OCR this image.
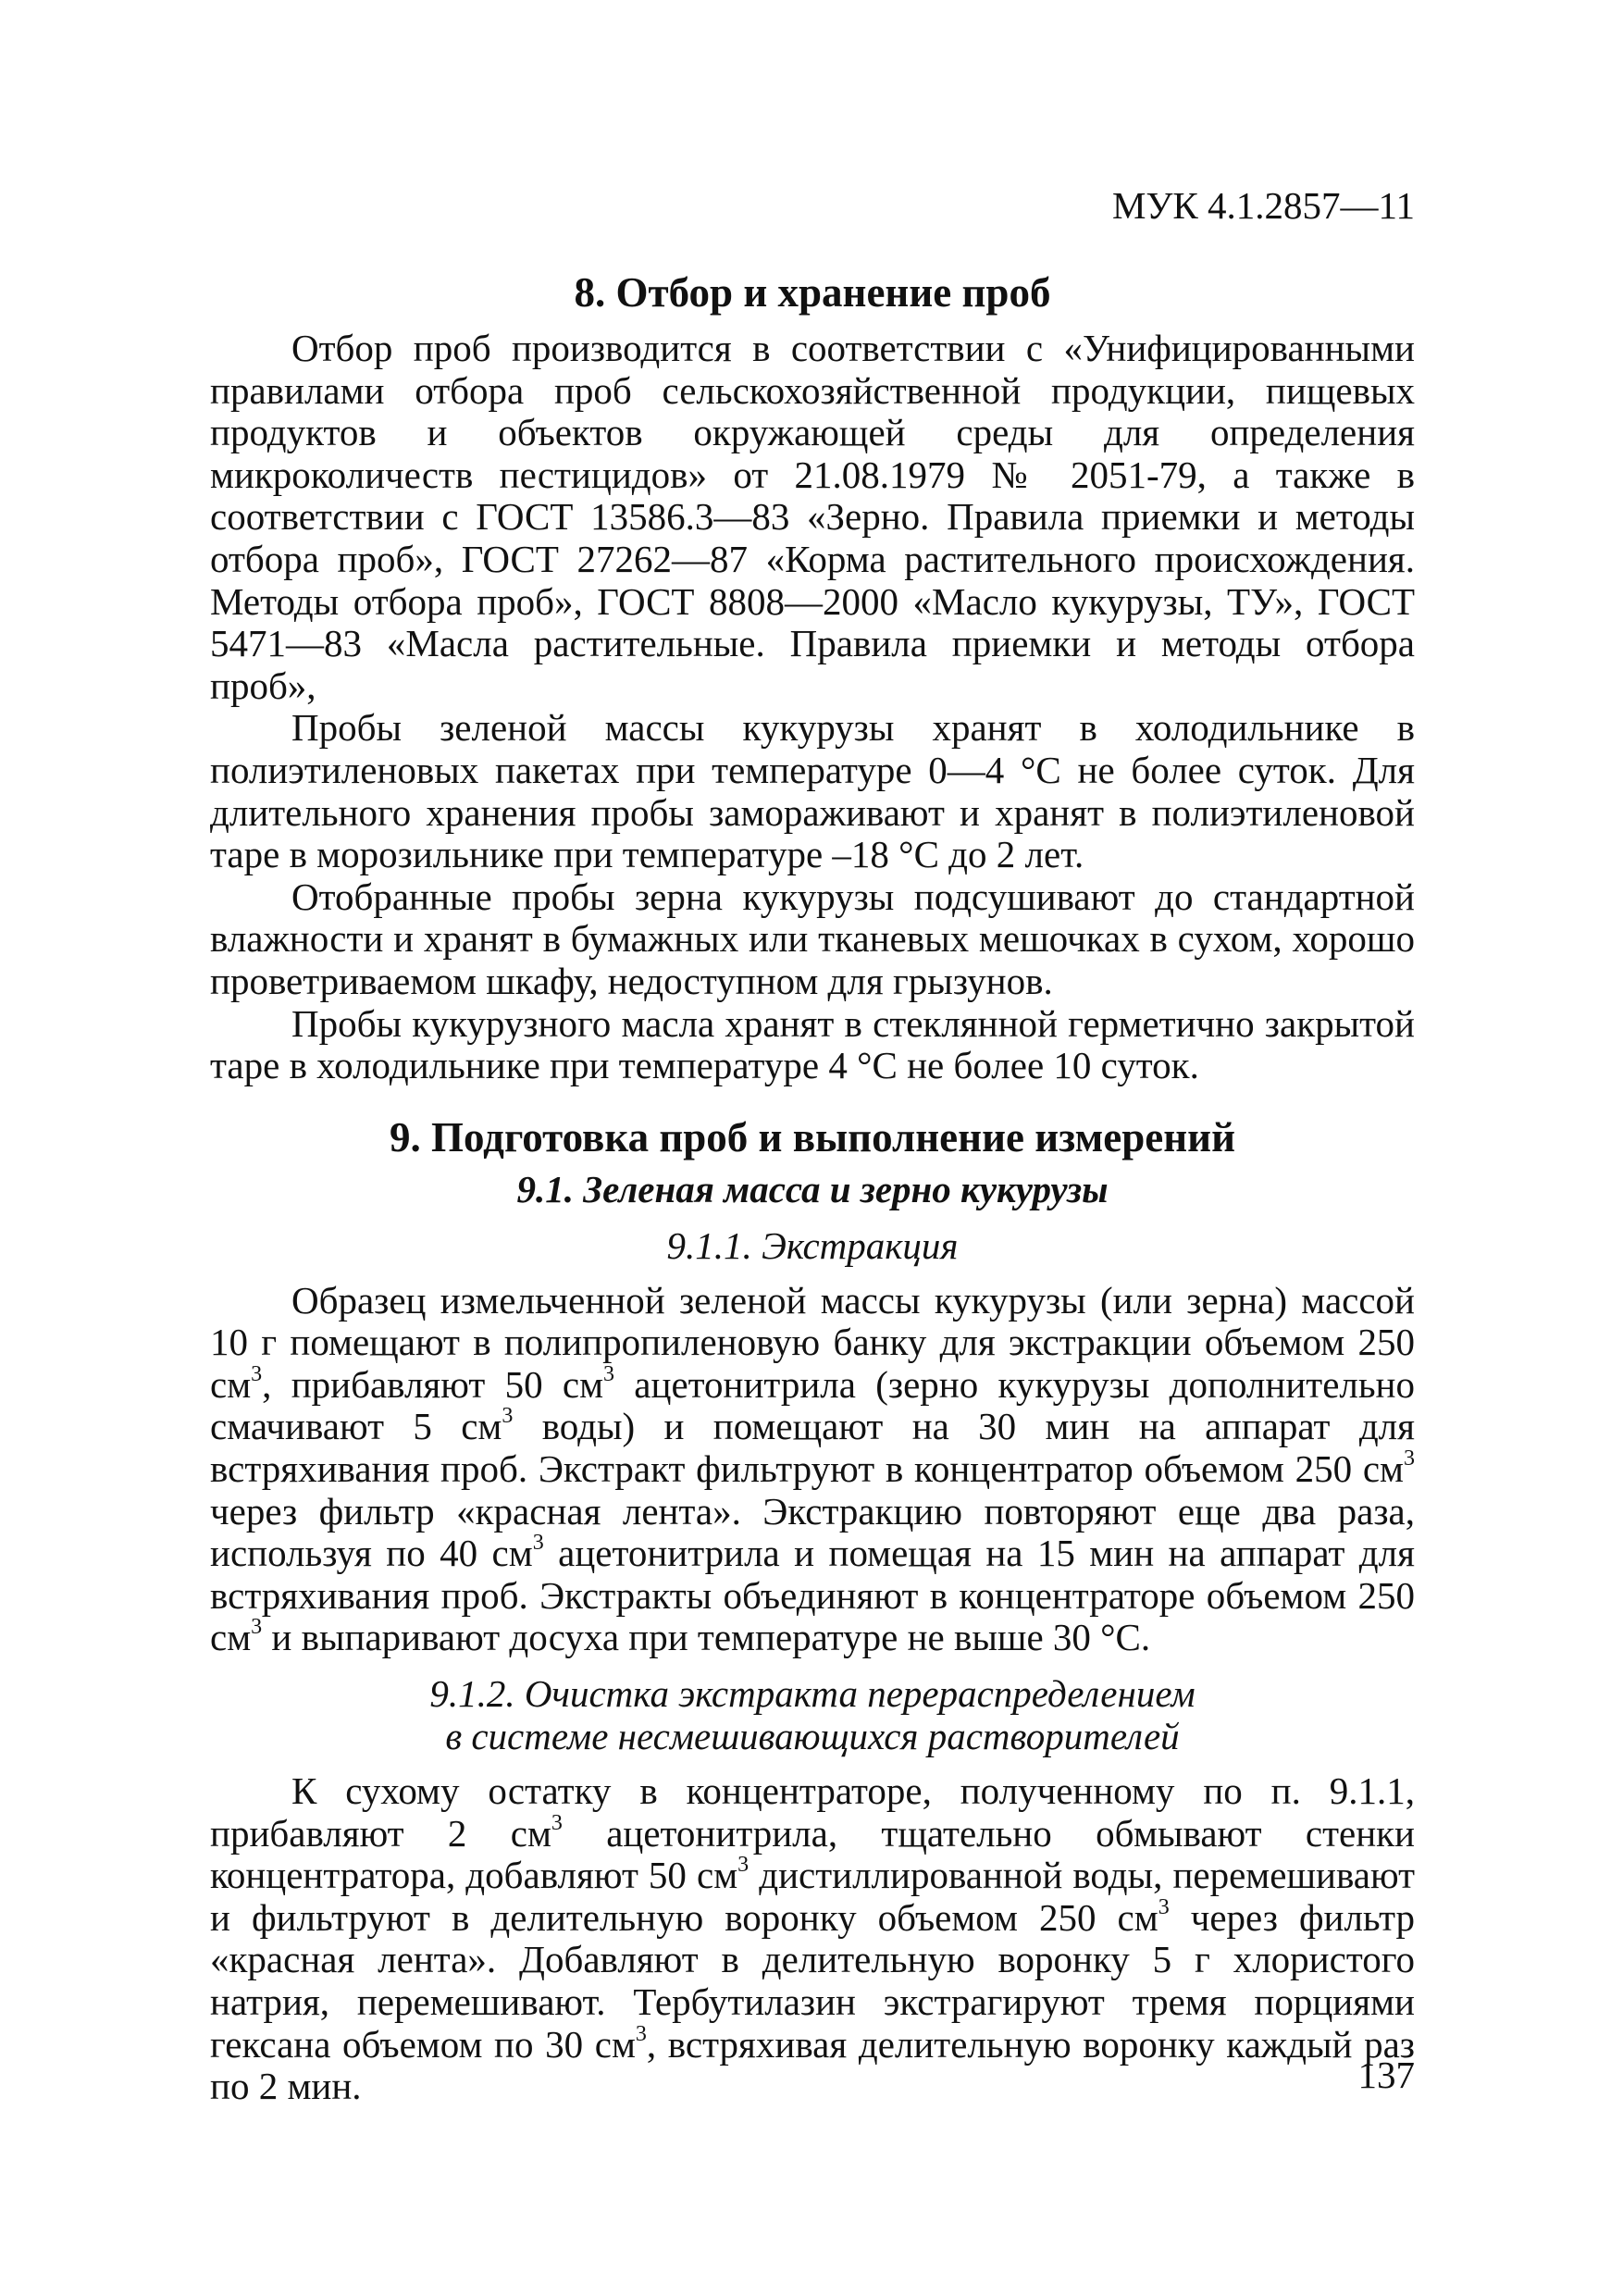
МУК 4.1.2857—11
8. Отбор и хранение проб

Отбор проб производится в соответствии с «Унифицированными правилами отбора проб сельскохозяйственной продукции, пищевых продуктов и объектов окружающей среды для определения микроколичеств пестицидов» от 21.08.1979 № 2051-79, а также в соответствии с ГОСТ 13586.3—83 «Зерно. Правила приемки и методы отбора проб», ГОСТ 27262—87 «Корма растительного происхождения. Методы отбора проб», ГОСТ 8808—2000 «Масло кукурузы, ТУ», ГОСТ 5471—83 «Масла растительные. Правила приемки и методы отбора проб»,

Пробы зеленой массы кукурузы хранят в холодильнике в полиэтиленовых пакетах при температуре 0—4 °С не более суток. Для длительного хранения пробы замораживают и хранят в полиэтиленовой таре в морозильнике при температуре –18 °С до 2 лет.

Отобранные пробы зерна кукурузы подсушивают до стандартной влажности и хранят в бумажных или тканевых мешочках в сухом, хорошо проветриваемом шкафу, недоступном для грызунов.

Пробы кукурузного масла хранят в стеклянной герметично закрытой таре в холодильнике при температуре 4 °С не более 10 суток.

9. Подготовка проб и выполнение измерений
9.1. Зеленая масса и зерно кукурузы
9.1.1. Экстракция

Образец измельченной зеленой массы кукурузы (или зерна) массой 10 г помещают в полипропиленовую банку для экстракции объемом 250 $см^3$, прибавляют 50 $см^3$ ацетонитрила (зерно кукурузы дополнительно смачивают 5 $см^3$ воды) и помещают на 30 мин на аппарат для встряхивания проб. Экстракт фильтруют в концентратор объемом 250 $см^3$ через фильтр «красная лента». Экстракцию повторяют еще два раза, используя по 40 $см^3$ ацетонитрила и помещая на 15 мин на аппарат для встряхивания проб. Экстракты объединяют в концентраторе объемом 250 $см^3$ и выпаривают досуха при температуре не выше 30 °С.

9.1.2. Очистка экстракта перераспределением
в системе несмешивающихся растворителей

К сухому остатку в концентраторе, полученному по п. 9.1.1, прибавляют 2 $см^3$ ацетонитрила, тщательно обмывают стенки концентратора, добавляют 50 $см^3$ дистиллированной воды, перемешивают и фильтруют в делительную воронку объемом 250 $см^3$ через фильтр «красная лента». Добавляют в делительную воронку 5 г хлористого натрия, перемешивают. Тербутилазин экстрагируют тремя порциями гексана объемом по 30 $см^3$, встряхивая делительную воронку каждый раз по 2 мин.	137
